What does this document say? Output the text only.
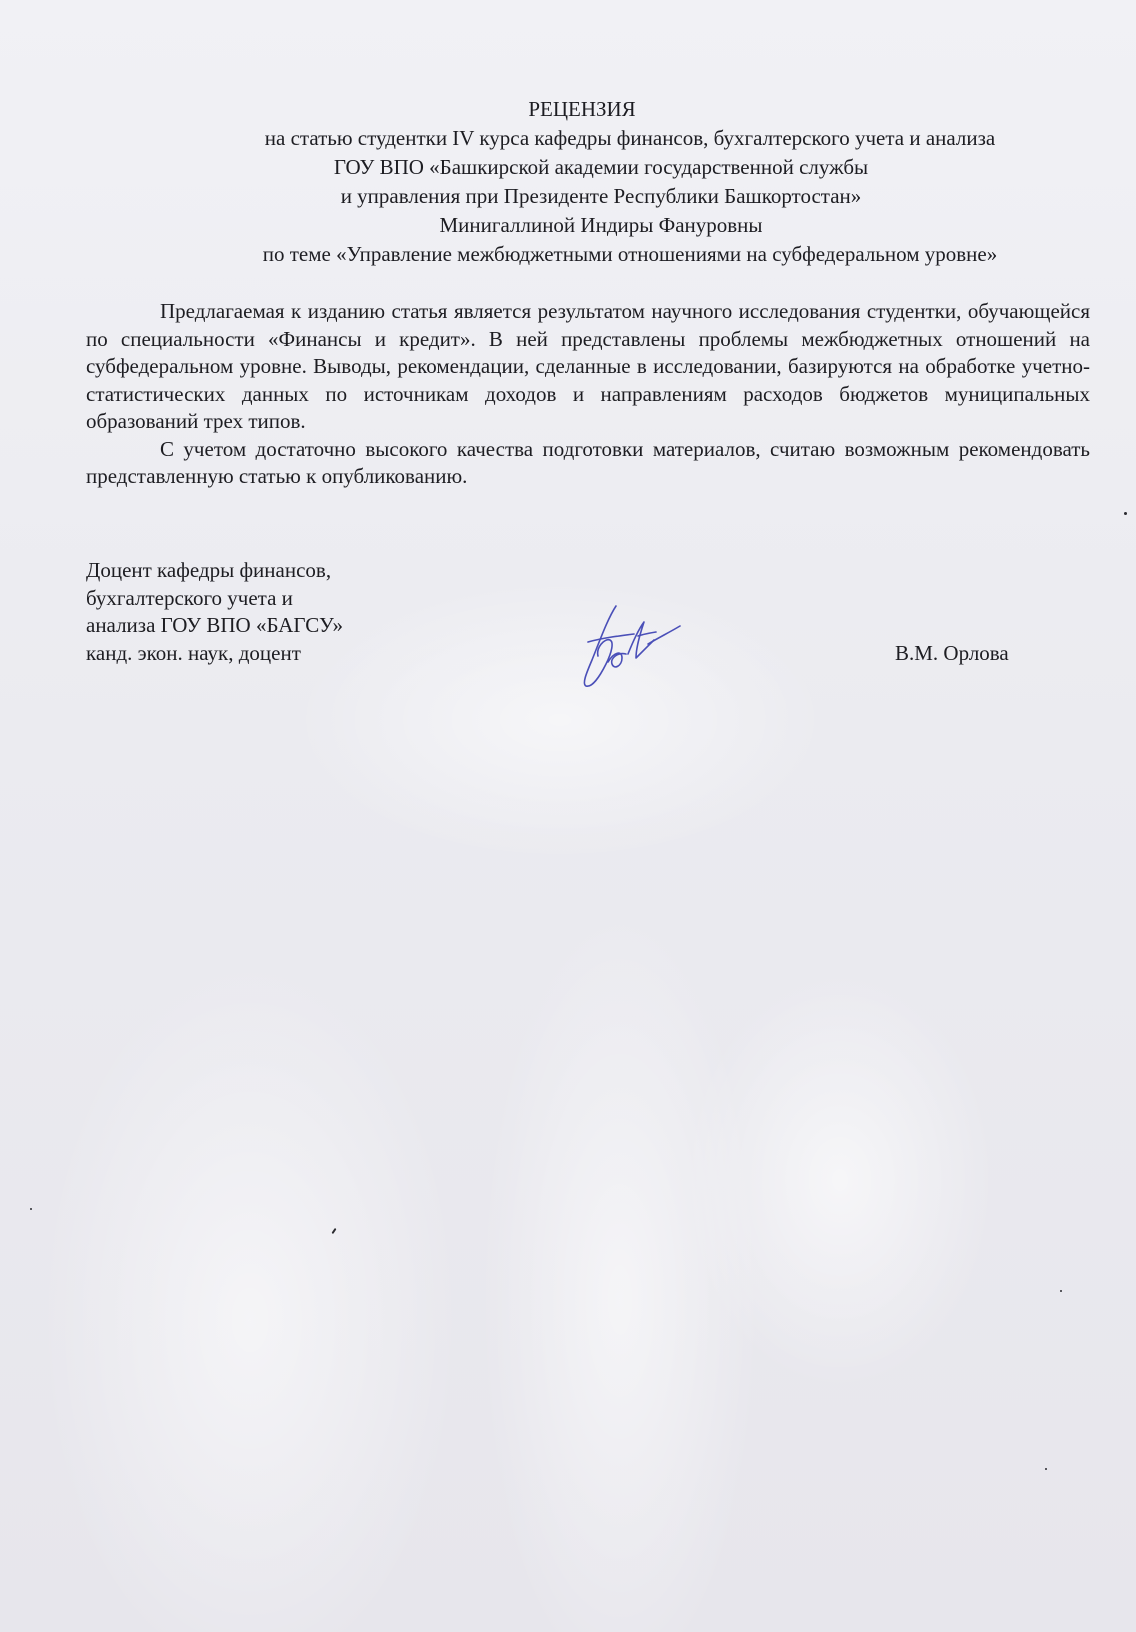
РЕЦЕНЗИЯ
на статью студентки IV курса кафедры финансов, бухгалтерского учета и анализа
ГОУ ВПО «Башкирской академии государственной службы
и управления при Президенте Республики Башкортостан»
Минигаллиной Индиры Фануровны
по теме «Управление межбюджетными отношениями на субфедеральном уровне»

Предлагаемая к изданию статья является результатом научного исследования студентки, обучающейся по специальности «Финансы и кредит». В ней представлены проблемы межбюджетных отношений на субфедеральном уровне. Выводы, рекомендации, сделанные в исследовании, базируются на обработке учетно-статистических данных по источникам доходов и направлениям расходов бюджетов муниципальных образований трех типов.

С учетом достаточно высокого качества подготовки материалов, считаю возможным рекомендовать представленную статью к опубликованию.

Доцент кафедры финансов,
бухгалтерского учета и
анализа ГОУ ВПО «БАГСУ»
канд. экон. наук, доцент	В.М. Орлова
